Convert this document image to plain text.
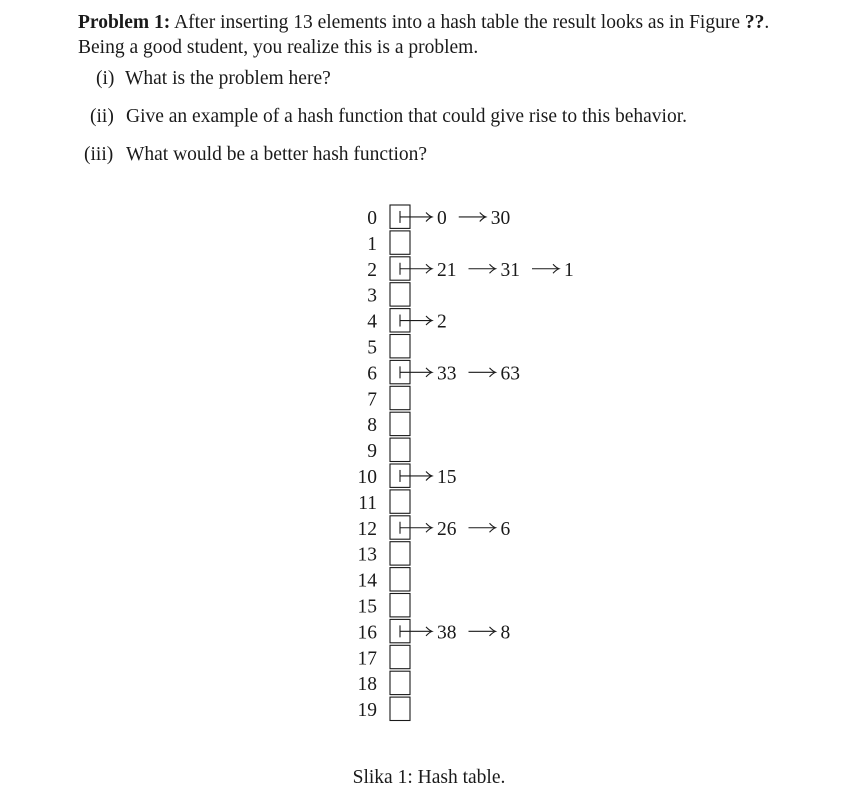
Problem 1: After inserting 13 elements into a hash table the result looks as in Figure ??.
Being a good student, you realize this is a problem.
(i) What is the problem here?
(ii) Give an example of a hash function that could give rise to this behavior.
(iii) What would be a better hash function?
0
1
2
3
4
5
6
7
8
9
10
11
12
13
14
15
16
17
18
19
0 30
21 31 1
2
33 63
15
26 6
38 8
Slika 1: Hash table.
